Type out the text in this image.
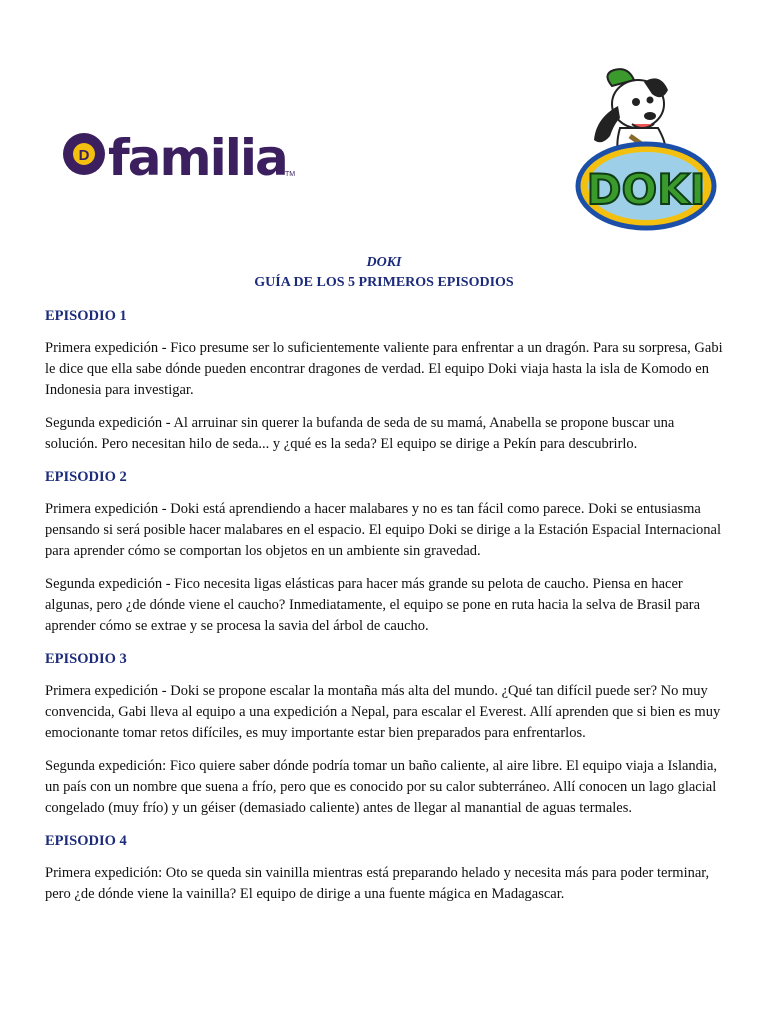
D familia
TM	DOKI
DOKI
GUÍA DE LOS 5 PRIMEROS EPISODIOS
EPISODIO 1

Primera expedición - Fico presume ser lo suficientemente valiente para enfrentar a un dragón. Para su sorpresa, Gabi le dice que ella sabe dónde pueden encontrar dragones de verdad. El equipo Doki viaja hasta la isla de Komodo en Indonesia para investigar.

Segunda expedición - Al arruinar sin querer la bufanda de seda de su mamá, Anabella se propone buscar una solución. Pero necesitan hilo de seda... y ¿qué es la seda? El equipo se dirige a Pekín para descubrirlo.

EPISODIO 2

Primera expedición - Doki está aprendiendo a hacer malabares y no es tan fácil como parece. Doki se entusiasma pensando si será posible hacer malabares en el espacio. El equipo Doki se dirige a la Estación Espacial Internacional para aprender cómo se comportan los objetos en un ambiente sin gravedad.

Segunda expedición - Fico necesita ligas elásticas para hacer más grande su pelota de caucho. Piensa en hacer algunas, pero ¿de dónde viene el caucho? Inmediatamente, el equipo se pone en ruta hacia la selva de Brasil para aprender cómo se extrae y se procesa la savia del árbol de caucho.

EPISODIO 3

Primera expedición - Doki se propone escalar la montaña más alta del mundo. ¿Qué tan difícil puede ser? No muy convencida, Gabi lleva al equipo a una expedición a Nepal, para escalar el Everest. Allí aprenden que si bien es muy emocionante tomar retos difíciles, es muy importante estar bien preparados para enfrentarlos.

Segunda expedición: Fico quiere saber dónde podría tomar un baño caliente, al aire libre. El equipo viaja a Islandia, un país con un nombre que suena a frío, pero que es conocido por su calor subterráneo. Allí conocen un lago glacial congelado (muy frío) y un géiser (demasiado caliente) antes de llegar al manantial de aguas termales.

EPISODIO 4

Primera expedición: Oto se queda sin vainilla mientras está preparando helado y necesita más para poder terminar, pero ¿de dónde viene la vainilla? El equipo de dirige a una fuente mágica en Madagascar.
